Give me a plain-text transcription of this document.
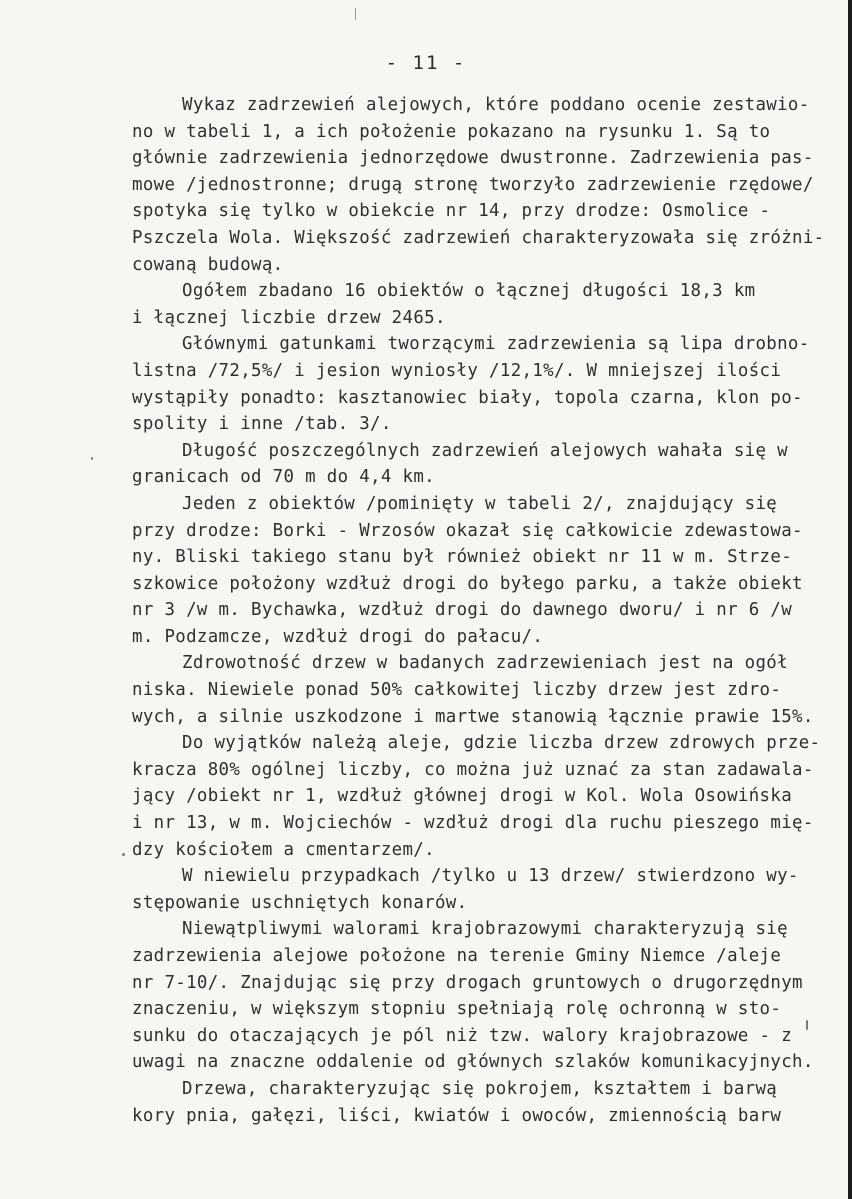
- 11 -
Wykaz zadrzewień alejowych, które poddano ocenie zestawio-
no w tabeli 1, a ich położenie pokazano na rysunku 1. Są to
głównie zadrzewienia jednorzędowe dwustronne. Zadrzewienia pas-
mowe /jednostronne; drugą stronę tworzyło zadrzewienie rzędowe/
spotyka się tylko w obiekcie nr 14, przy drodze: Osmolice -
Pszczela Wola. Większość zadrzewień charakteryzowała się zróżni-
cowaną budową.
Ogółem zbadano 16 obiektów o łącznej długości 18,3 km
i łącznej liczbie drzew 2465.
Głównymi gatunkami tworzącymi zadrzewienia są lipa drobno-
listna /72,5%/ i jesion wyniosły /12,1%/. W mniejszej ilości
wystąpiły ponadto: kasztanowiec biały, topola czarna, klon po-
spolity i inne /tab. 3/.
Długość poszczególnych zadrzewień alejowych wahała się w
granicach od 70 m do 4,4 km.
Jeden z obiektów /pominięty w tabeli 2/, znajdujący się
przy drodze: Borki - Wrzosów okazał się całkowicie zdewastowa-
ny. Bliski takiego stanu był również obiekt nr 11 w m. Strze-
szkowice położony wzdłuż drogi do byłego parku, a także obiekt
nr 3 /w m. Bychawka, wzdłuż drogi do dawnego dworu/ i nr 6 /w
m. Podzamcze, wzdłuż drogi do pałacu/.
Zdrowotność drzew w badanych zadrzewieniach jest na ogół
niska. Niewiele ponad 50% całkowitej liczby drzew jest zdro-
wych, a silnie uszkodzone i martwe stanowią łącznie prawie 15%.
Do wyjątków należą aleje, gdzie liczba drzew zdrowych prze-
kracza 80% ogólnej liczby, co można już uznać za stan zadawala-
jący /obiekt nr 1, wzdłuż głównej drogi w Kol. Wola Osowińska
i nr 13, w m. Wojciechów - wzdłuż drogi dla ruchu pieszego mię-
dzy kościołem a cmentarzem/.
W niewielu przypadkach /tylko u 13 drzew/ stwierdzono wy-
stępowanie uschniętych konarów.
Niewątpliwymi walorami krajobrazowymi charakteryzują się
zadrzewienia alejowe położone na terenie Gminy Niemce /aleje
nr 7-10/. Znajdując się przy drogach gruntowych o drugorzędnym
znaczeniu, w większym stopniu spełniają rolę ochronną w sto-
sunku do otaczających je pól niż tzw. walory krajobrazowe - z
uwagi na znaczne oddalenie od głównych szlaków komunikacyjnych.
Drzewa, charakteryzując się pokrojem, kształtem i barwą
kory pnia, gałęzi, liści, kwiatów i owoców, zmiennością barw
